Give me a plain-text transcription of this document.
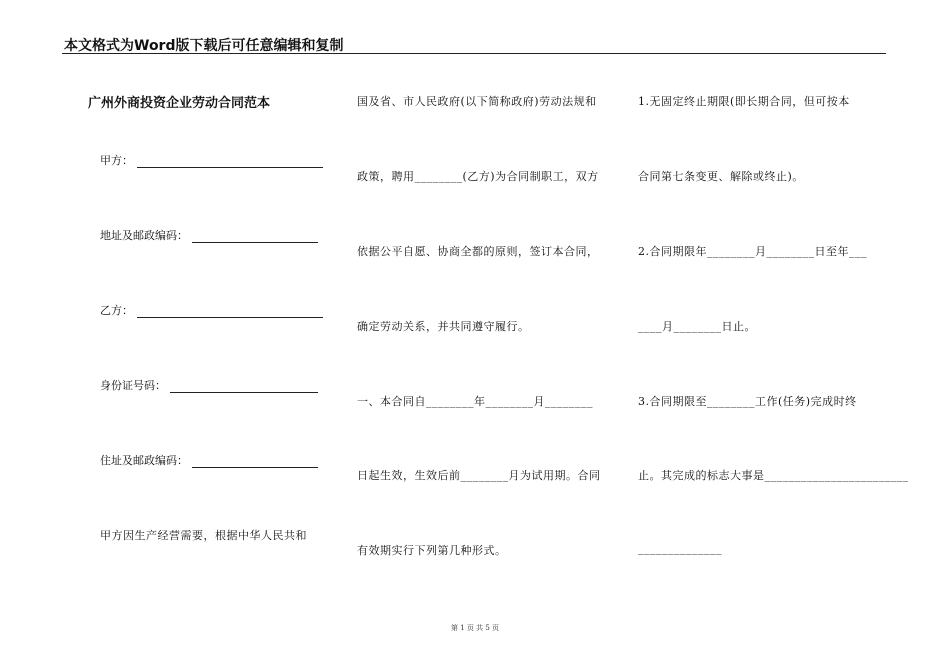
本文格式为Word版下载后可任意编辑和复制
广州外商投资企业劳动合同范本
甲方：
地址及邮政编码：
乙方：
身份证号码：
住址及邮政编码：
甲方因生产经营需要，根据中华人民共和
国及省、市人民政府(以下简称政府)劳动法规和
政策，聘用________(乙方)为合同制职工，双方
依据公平自愿、协商全都的原则，签订本合同，
确定劳动关系，并共同遵守履行。
一、本合同自________年________月________
日起生效，生效后前________月为试用期。合同
有效期实行下列第几种形式。
1.无固定终止期限(即长期合同，但可按本
合同第七条变更、解除或终止)。
2.合同期限年________月________日至年___
____月________日止。
3.合同期限至________工作(任务)完成时终
止。其完成的标志大事是________________________
______________
第 1 页 共 5 页
